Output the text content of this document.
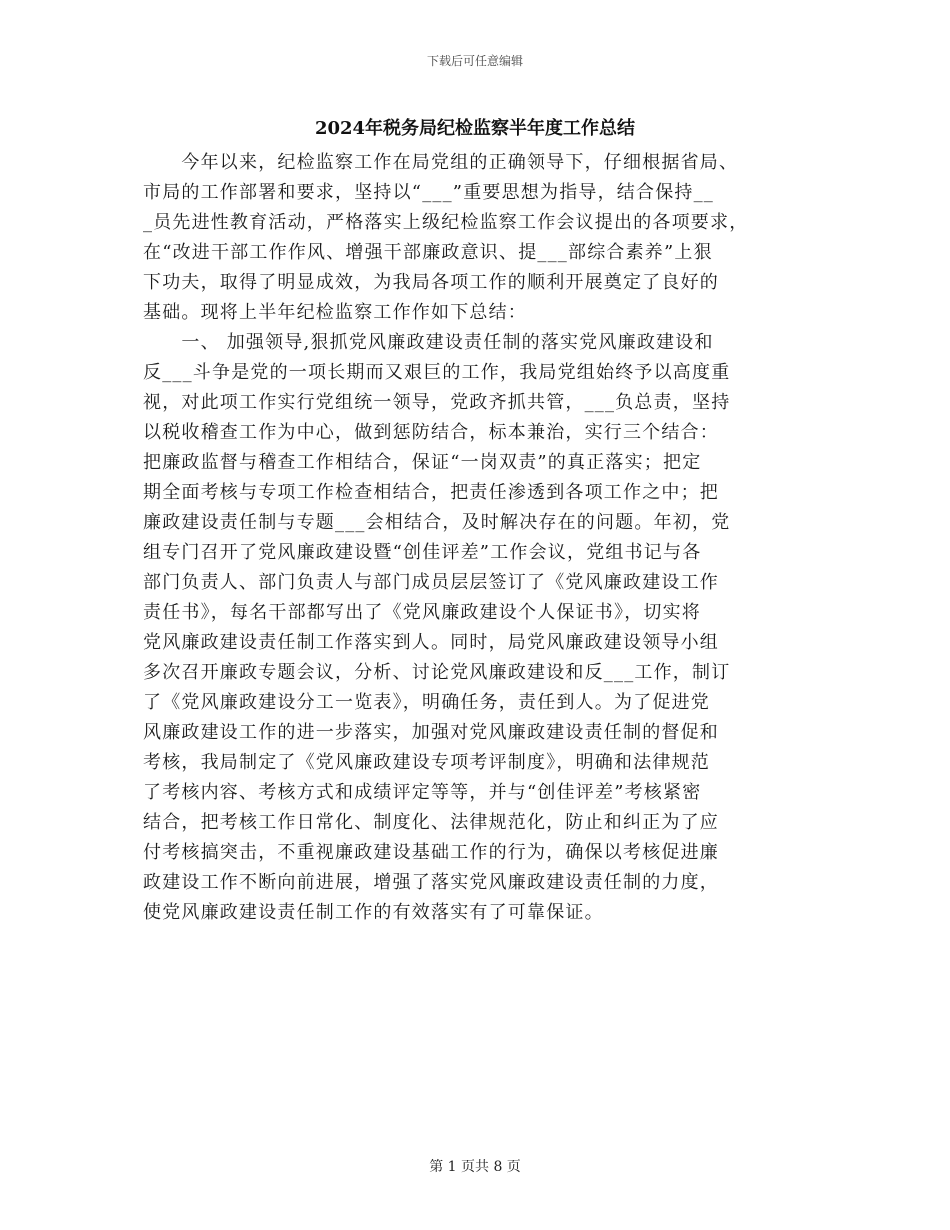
下载后可任意编辑
2024年税务局纪检监察半年度工作总结
　　今年以来，纪检监察工作在局党组的正确领导下，仔细根据省局、
市局的工作部署和要求，坚持以“___”重要思想为指导，结合保持__
_员先进性教育活动，严格落实上级纪检监察工作会议提出的各项要求，
在“改进干部工作作风、增强干部廉政意识、提___部综合素养”上狠
下功夫，取得了明显成效，为我局各项工作的顺利开展奠定了良好的
基础。现将上半年纪检监察工作作如下总结：
　　一、 加强领导,狠抓党风廉政建设责任制的落实党风廉政建设和
反___斗争是党的一项长期而又艰巨的工作，我局党组始终予以高度重
视，对此项工作实行党组统一领导，党政齐抓共管，___负总责，坚持
以税收稽查工作为中心，做到惩防结合，标本兼治，实行三个结合：
把廉政监督与稽查工作相结合，保证“一岗双责”的真正落实；把定
期全面考核与专项工作检查相结合，把责任渗透到各项工作之中；把
廉政建设责任制与专题___会相结合，及时解决存在的问题。年初，党
组专门召开了党风廉政建设暨“创佳评差”工作会议，党组书记与各
部门负责人、部门负责人与部门成员层层签订了《党风廉政建设工作
责任书》，每名干部都写出了《党风廉政建设个人保证书》，切实将
党风廉政建设责任制工作落实到人。同时，局党风廉政建设领导小组
多次召开廉政专题会议，分析、讨论党风廉政建设和反___工作，制订
了《党风廉政建设分工一览表》，明确任务，责任到人。为了促进党
风廉政建设工作的进一步落实，加强对党风廉政建设责任制的督促和
考核，我局制定了《党风廉政建设专项考评制度》，明确和法律规范
了考核内容、考核方式和成绩评定等等，并与“创佳评差”考核紧密
结合，把考核工作日常化、制度化、法律规范化，防止和纠正为了应
付考核搞突击，不重视廉政建设基础工作的行为，确保以考核促进廉
政建设工作不断向前进展，增强了落实党风廉政建设责任制的力度，
使党风廉政建设责任制工作的有效落实有了可靠保证。
第 1 页共 8 页
